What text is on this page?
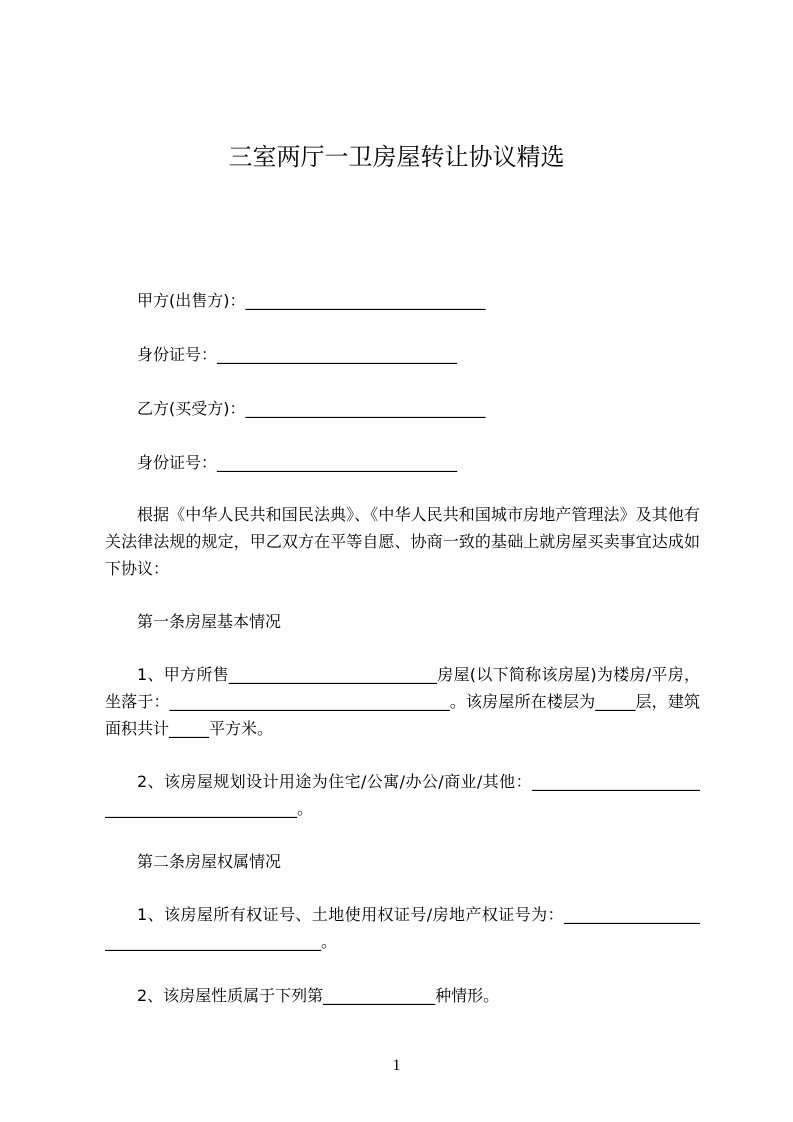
三室两厅一卫房屋转让协议精选
甲方(出售方)：______________________________
身份证号：______________________________
乙方(买受方)：______________________________
身份证号：______________________________
根据《中华人民共和国民法典》、《中华人民共和国城市房地产管理法》及其他有
关法律法规的规定，甲乙双方在平等自愿、协商一致的基础上就房屋买卖事宜达成如
下协议：
第一条房屋基本情况
1、甲方所售__________________________房屋(以下简称该房屋)为楼房/平房，
坐落于：___________________________________。该房屋所在楼层为_____层，建筑
面积共计_____平方米。
2、该房屋规划设计用途为住宅/公寓/办公/商业/其他：_____________________
________________________。
第二条房屋权属情况
1、该房屋所有权证号、土地使用权证号/房地产权证号为：_________________
___________________________。
2、该房屋性质属于下列第______________种情形。
1
